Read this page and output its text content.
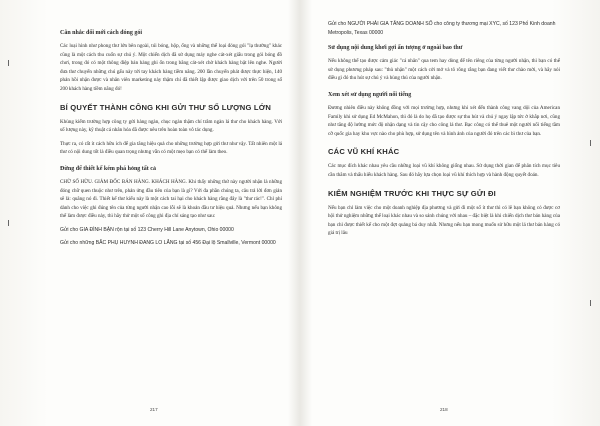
Cân nhắc đổi mới cách đóng gói

Các loại hình như phong thư lớn bên ngoài, túi bóng, hộp, ống và những thể loại đóng gói "lạ thường" khác cũng là một cách thu cuốn sự chú ý. Một chiến dịch đã sử dụng máy nghe cát-xét giấu trong gói bóng đồ chơi, trong đó có một thông điệp bán hàng ghi ổn trong băng cát-xét chờ khách hàng bật lên nghe. Người đưa thư chuyển những chú gấu này tới tay khách hàng tiềm năng. 200 lần chuyển phát được thực hiện, 140 phản hồi nhận được và nhân viên marketing này thậm chí đã thiết lập được giao dịch với trên 50 trong số 200 khách hàng tiềm năng đó!

BÍ QUYẾT THÀNH CÔNG KHI GỬI THƯ SỐ LƯỢNG LỚN

Khùng kiểm trường hợp công ty gửi hàng ngàn, chục ngàn thậm chí trăm ngàn lá thư cho khách hàng. Với số lượng này, kỹ thuật cá nhân hóa đã được nêu trên hoàn toàn vô tác dụng.

Thực ra, có rất ít cách hữu ích để gia tăng hiệu quả cho những trường hợp gửi thư như vậy. Tất nhiên một lá thư có nội dung tốt là điều quan trọng nhưng vẫn có một mẹo bạn có thể làm theo.

Đừng để thiết kế kém phá hỏng tất cả

CHỮ SỐ HỮU. GIẢM ĐỐC BÁN HÀNG. KHÁCH HÀNG. Khi thấy những thứ này người nhận là những đóng chữ quen thuộc như trên, phản ứng đầu tiên của bạn là gì? Với đa phần chúng ta, câu trả lời đơn giản sẽ là: quăng nó đi. Thiết kế thư kiểu này là một cách tai hại cho khách hàng rằng đây là "thư rác!". Chỉ phí dành cho việc ghi đúng tên của từng người nhận cao lỗi sẽ là khoản đầu tư hiệu quả. Nhưng nếu bạn không thể làm được điều này, thì hãy thử một số công ghi địa chỉ sáng tạo như sau:

Gửi cho GIA ĐÌNH BẬN rộn tại số 123 Cherry Hill Lane Anytown, Ohio 00000
Gửi cho những BẮC PHỤ HUYNH ĐANG LO LẮNG tại số 456 Đại lộ Smallville, Vermont 00000
217
Gửi cho NGƯỜI PHẢI GIA TĂNG DOANH SỐ cho công ty thương mại XYC, số 123 Phố Kinh doanh Metropolis, Texas 00000
Sử dụng nội dung khơi gợi ấn tượng ở ngoài bao thư

Nếu không thể tạo được cảm giác "cá nhân" qua tem hay dòng để tên riêng của từng người nhận, thì bạn có thể sử dụng phương pháp sau: "thủ nhận" một cách cởi mở và tô rõng rằng bạn đang viết thư chào mời, và hãy nói điều gì đó thu hút sự chú ý và hùng thú của người nhận.

Xem xét sử dụng người nổi tiếng

Đương nhiên điều này không đồng với mọi trường hợp, nhưng khi xét đến thành công vang dội của American Family khi sử dụng Ed McMahon, thì đó là do họ đã tạo được sự thu hút và chú ý ngay lập tức ở khắp nơi, cũng như tăng độ lường mức độ nhận dạng và tin cậy cho công lá thư. Bạc công có thể thuê một người nổi tiếng tầm cỡ quốc gia hay khu vực nào cho phù hợp, sử dụng tên và hình ảnh của người đó trên các bì thư của bạn.

CÁC VŨ KHÍ KHÁC

Các mục đích khác nhau yêu cầu những loại vũ khí không giống nhau. Sử dụng thời gian để phân tích mục tiêu cần thăm và thấu hiểu khách hàng. Sau đó hãy lựa chọn loại vũ khí thích hợp và hành động quyết đoán.

KIỂM NGHIỆM TRƯỚC KHI THỰC SỰ GỬI ĐI

Nếu bạn chỉ làm việc cho một doanh nghiệp địa phương và gửi đi một số ít thư thì có lẽ bạn không có được cơ hội thử nghiệm những thể loại khác nhau và so sánh chúng với nhau – đặc biệt là khi chiến dịch thư bán hàng của bạn chỉ được thiết kế cho một đợt quảng bá duy nhất. Nhưng nếu bạn mong muốn sử hữu một lá thư bán hàng có giá trị lâu

218
